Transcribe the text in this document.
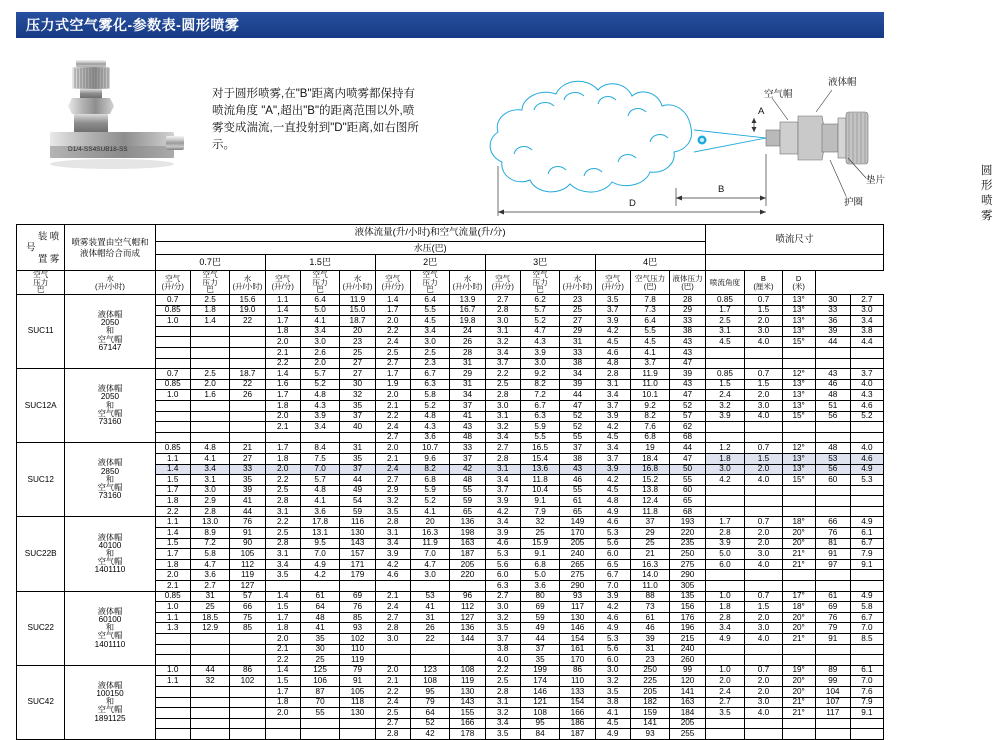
压力式空气雾化-参数表-圆形喷雾
D1/4-SS4SUB18-SS
对于圆形喷雾,在"B"距离内喷雾都保持有喷流角度 "A",超出"B"的距离范围以外,喷雾变成湍流,一直投射到"D"距离,如右图所示。
圆形喷雾
空气帽
液体帽
垫片
护圈
A
B
D
喷 雾 装 置 号	喷雾装置由空气帽和液体帽给合而成	液体流量(升/小时)和空气流量(升/分)															喷流尺寸				
		水压(巴)																			
		0.7巴			1.5巴			2巴			3巴			4巴							
空气
压力
巴	水
(升/小时)	空气
(升/分)	空气
压力
巴	水
(升/小时)	空气
(升/分)	空气
压力
巴	水
(升/小时)	空气
(升/分)	空气
压力
巴	水
(升/小时)	空气
(升/分)	空气
压力
巴	水
(升/小时)	空气
(升/分)	空气压力
(巴)	液体压力
(巴)	喷流角度	B
(厘米)	D
(米)		
SUC11	液体帽
2050
和
空气帽
67147	0.7	2.5	15.6	1.1	6.4	11.9	1.4	6.4	13.9	2.7	6.2	23	3.5	7.8	28	0.85	0.7	13°	30	2.7
		0.85	1.8	19.0	1.4	5.0	15.0	1.7	5.5	16.7	2.8	5.7	25	3.7	7.3	29	1.7	1.5	13°	33	3.0
		1.0	1.4	22	1.7	4.1	18.7	2.0	4.5	19.8	3.0	5.2	27	3.9	6.4	33	2.5	2.0	13°	36	3.4
					1.8	3.4	20	2.2	3.4	24	3.1	4.7	29	4.2	5.5	38	3.1	3.0	13°	39	3.8
					2.0	3.0	23	2.4	3.0	26	3.2	4.3	31	4.5	4.5	43	4.5	4.0	15°	44	4.4
					2.1	2.6	25	2.5	2.5	28	3.4	3.9	33	4.6	4.1	43					
					2.2	2.0	27	2.7	2.3	31	3.7	3.0	38	4.8	3.7	47					
SUC12A	液体帽
2050
和
空气帽
73160	0.7	2.5	18.7	1.4	5.7	27	1.7	6.7	29	2.2	9.2	34	2.8	11.9	39	0.85	0.7	12°	43	3.7
		0.85	2.0	22	1.6	5.2	30	1.9	6.3	31	2.5	8.2	39	3.1	11.0	43	1.5	1.5	13°	46	4.0
		1.0	1.6	26	1.7	4.8	32	2.0	5.8	34	2.8	7.2	44	3.4	10.1	47	2.4	2.0	13°	48	4.3
					1.8	4.3	35	2.1	5.2	37	3.0	6.7	47	3.7	9.2	52	3.2	3.0	13°	51	4.6
					2.0	3.9	37	2.2	4.8	41	3.1	6.3	52	3.9	8.2	57	3.9	4.0	15°	56	5.2
					2.1	3.4	40	2.4	4.3	43	3.2	5.9	52	4.2	7.6	62					
								2.7	3.6	48	3.4	5.5	55	4.5	6.8	68					
SUC12	液体帽
2850
和
空气帽
73160	0.85	4.8	21	1.7	8.4	31	2.0	10.7	33	2.7	16.5	37	3.4	19	44	1.2	0.7	12°	48	4.0
		1.1	4.1	27	1.8	7.5	35	2.1	9.6	37	2.8	15.4	38	3.7	18.4	47	1.8	1.5	13°	53	4.6
		1.4	3.4	33	2.0	7.0	37	2.4	8.2	42	3.1	13.6	43	3.9	16.8	50	3.0	2.0	13°	56	4.9
		1.5	3.1	35	2.2	5.7	44	2.7	6.8	48	3.4	11.8	46	4.2	15.2	55	4.2	4.0	15°	60	5.3
		1.7	3.0	39	2.5	4.8	49	2.9	5.9	55	3.7	10.4	55	4.5	13.8	60					
		1.8	2.9	41	2.8	4.1	54	3.2	5.2	59	3.9	9.1	61	4.8	12.4	65					
		2.2	2.8	44	3.1	3.6	59	3.5	4.1	65	4.2	7.9	65	4.9	11.8	68					
SUC22B	液体帽
40100
和
空气帽
1401110	1.1	13.0	76	2.2	17.8	116	2.8	20	136	3.4	32	149	4.6	37	193	1.7	0.7	18°	66	4.9
		1.4	8.9	91	2.5	13.1	130	3.1	16.3	198	3.9	25	170	5.3	29	220	2.8	2.0	20°	76	6.1
		1.5	7.2	90	2.8	9.5	143	3.4	11.9	163	4.6	15.9	205	5.6	25	235	3.9	2.0	20°	81	6.7
		1.7	5.8	105	3.1	7.0	157	3.9	7.0	187	5.3	9.1	240	6.0	21	250	5.0	3.0	21°	91	7.9
		1.8	4.7	112	3.4	4.9	171	4.2	4.7	205	5.6	6.8	265	6.5	16.3	275	6.0	4.0	21°	97	9.1
		2.0	3.6	119	3.5	4.2	179	4.6	3.0	220	6.0	5.0	275	6.7	14.0	290					
		2.1	2.7	127							6.3	3.6	290	7.0	11.0	305					
SUC22	液体帽
60100
和
空气帽
1401110	0.85	31	57	1.4	61	69	2.1	53	96	2.7	80	93	3.9	88	135	1.0	0.7	17°	61	4.9
		1.0	25	66	1.5	64	76	2.4	41	112	3.0	69	117	4.2	73	156	1.8	1.5	18°	69	5.8
		1.1	18.5	75	1.7	48	85	2.7	31	127	3.2	59	130	4.6	61	176	2.8	2.0	20°	76	6.7
		1.3	12.9	85	1.8	41	93	2.8	26	136	3.5	49	146	4.9	46	196	3.4	3.0	20°	79	7.0
					2.0	35	102	3.0	22	144	3.7	44	154	5.3	39	215	4.9	4.0	21°	91	8.5
					2.1	30	110				3.8	37	161	5.6	31	240					
					2.2	25	119				4.0	35	170	6.0	23	260					
SUC42	液体帽
100150
和
空气帽
1891125	1.0	44	86	1.4	125	79	2.0	123	108	2.2	199	86	3.0	250	99	1.0	0.7	19°	89	6.1
		1.1	32	102	1.5	106	91	2.1	108	119	2.5	174	110	3.2	225	120	2.0	2.0	20°	99	7.0
					1.7	87	105	2.2	95	130	2.8	146	133	3.5	205	141	2.4	2.0	20°	104	7.6
					1.8	70	118	2.4	79	143	3.1	121	154	3.8	182	163	2.7	3.0	21°	107	7.9
					2.0	55	130	2.5	64	155	3.2	108	166	4.1	159	184	3.5	4.0	21°	117	9.1
								2.7	52	166	3.4	95	186	4.5	141	205					
								2.8	42	178	3.5	84	187	4.9	93	255					
